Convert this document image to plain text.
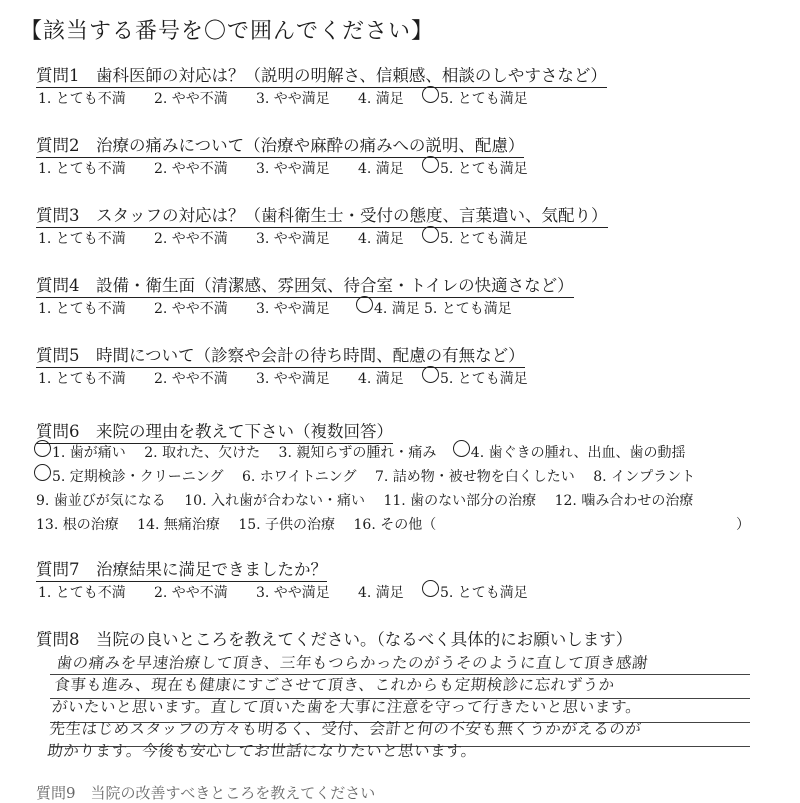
【該当する番号を〇で囲んでください】
質問1　歯科医師の対応は？（説明の明解さ、信頼感、相談のしやすさなど）
1. とても不満 2. やや不満 3. やや満足 4. 満足	5. とても満足
質問2　治療の痛みについて（治療や麻酔の痛みへの説明、配慮）
1. とても不満 2. やや不満 3. やや満足 4. 満足	5. とても満足
質問3　スタッフの対応は？（歯科衛生士・受付の態度、言葉遣い、気配り）
1. とても不満 2. やや不満 3. やや満足 4. 満足	5. とても満足
質問4　設備・衛生面（清潔感、雰囲気、待合室・トイレの快適さなど）
1. とても不満 2. やや不満 3. やや満足	4. 満足 5. とても満足
質問5　時間について（診察や会計の待ち時間、配慮の有無など）
1. とても不満 2. やや不満 3. やや満足 4. 満足	5. とても満足
質問6　来院の理由を教えて下さい（複数回答）
1. 歯が痛い 2. 取れた、欠けた 3. 親知らずの腫れ・痛み 4. 歯ぐきの腫れ、出血、歯の動揺
5. 定期検診・クリーニング 6. ホワイトニング 7. 詰め物・被せ物を白くしたい 8. インプラント
9. 歯並びが気になる 10. 入れ歯が合わない・痛い 11. 歯のない部分の治療 12. 噛み合わせの治療
13. 根の治療 14. 無痛治療 15. 子供の治療 16. その他（	）
質問7　治療結果に満足できましたか？
1. とても不満 2. やや不満 3. やや満足 4. 満足	5. とても満足
質問8　当院の良いところを教えてください。（なるべく具体的にお願いします）
歯の痛みを早速治療して頂き、三年もつらかったのがうそのように直して頂き感謝
食事も進み、現在も健康にすごさせて頂き、これからも定期検診に忘れずうか
がいたいと思います。直して頂いた歯を大事に注意を守って行きたいと思います。
先生はじめスタッフの方々も明るく、受付、会計と何の不安も無くうかがえるのが
助かります。今後も安心してお世話になりたいと思います。
質問9　当院の改善すべきところを教えてください
